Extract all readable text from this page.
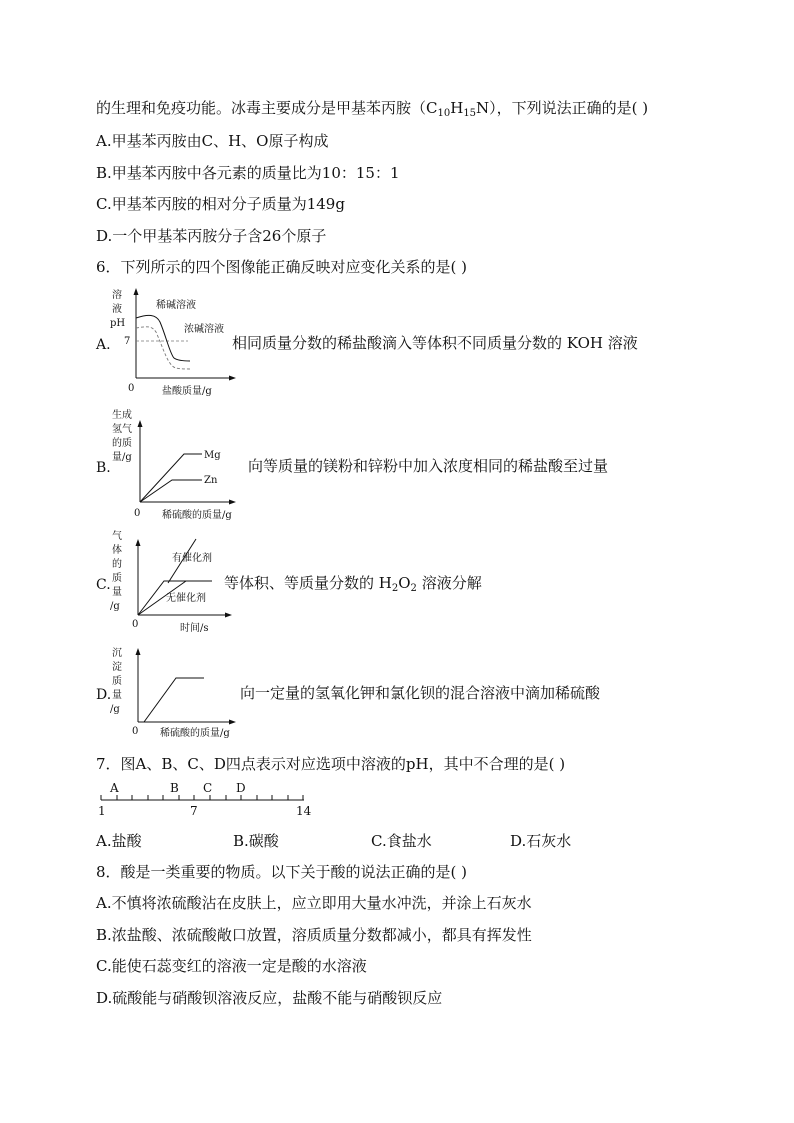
的生理和免疫功能。冰毒主要成分是甲基苯丙胺$(C_{10}H_{15}N)$，下列说法正确的是( )
A.甲基苯丙胺由C、H、O原子构成
B.甲基苯丙胺中各元素的质量比为10：15：1
C.甲基苯丙胺的相对分子质量为149g
D.一个甲基苯丙胺分子含26个原子
6．下列所示的四个图像能正确反映对应变化关系的是( )
A.
溶
液
pH
7
0	盐酸质量/g
稀碱溶液
浓碱溶液
相同质量分数的稀盐酸滴入等体积不同质量分数的 KOH 溶液
B.
生成
氢气
的质
量/g	Mg
Zn
0 稀硫酸的质量/g
向等质量的镁粉和锌粉中加入浓度相同的稀盐酸至过量
C.
气
体
的
质
量
/g
有催化剂
无催化剂
0	时间/s
等体积、等质量分数的 $H_2O_2$ 溶液分解
D.
沉
淀
质
量
/g
0 稀硫酸的质量/g
向一定量的氢氧化钾和氯化钡的混合溶液中滴加稀硫酸
7．图A、B、C、D四点表示对应选项中溶液的pH，其中不合理的是( )
A	B C D
1	7	14
A.盐酸	B.碳酸	C.食盐水	D.石灰水
8．酸是一类重要的物质。以下关于酸的说法正确的是( )
A.不慎将浓硫酸沾在皮肤上，应立即用大量水冲洗，并涂上石灰水
B.浓盐酸、浓硫酸敞口放置，溶质质量分数都减小，都具有挥发性
C.能使石蕊变红的溶液一定是酸的水溶液
D.硫酸能与硝酸钡溶液反应，盐酸不能与硝酸钡反应
